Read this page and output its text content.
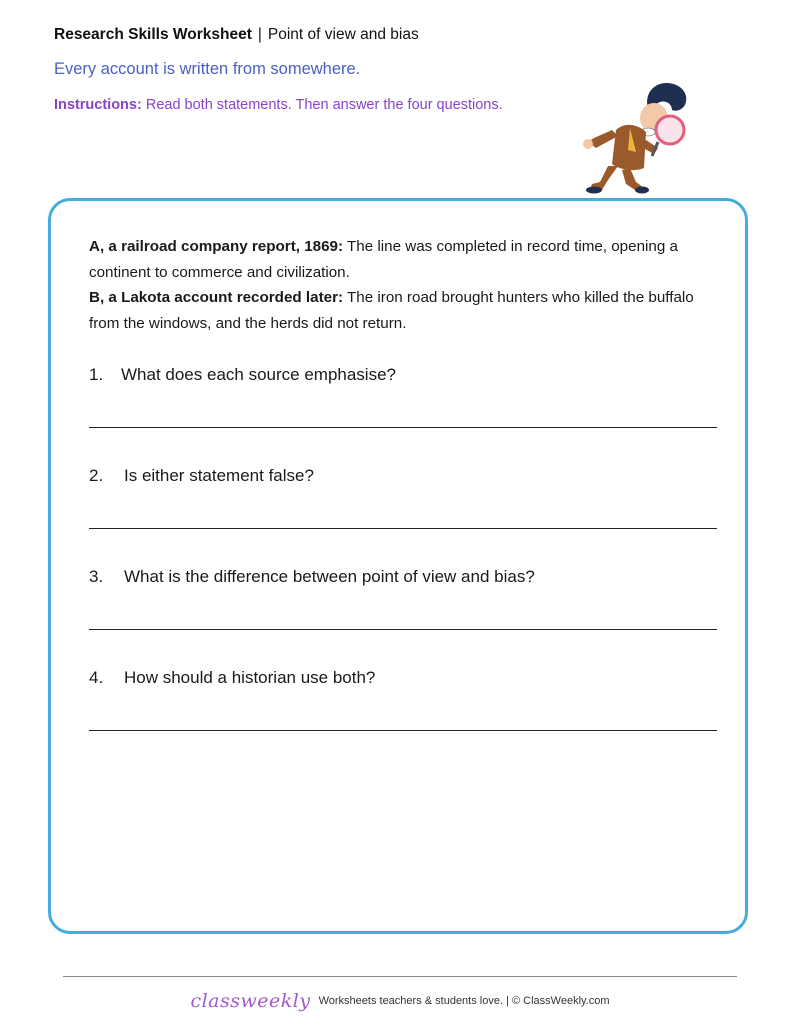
Research Skills Worksheet | Point of view and bias
Every account is written from somewhere.
Instructions: Read both statements. Then answer the four questions.

A, a railroad company report, 1869: The line was completed in record time, opening a continent to commerce and civilization.

B, a Lakota account recorded later: The iron road brought hunters who killed the buffalo from the windows, and the herds did not return.

1. What does each source emphasise?
2. Is either statement false?
3. What is the difference between point of view and bias?
4. How should a historian use both?
classweekly Worksheets teachers & students love. | © ClassWeekly.com
